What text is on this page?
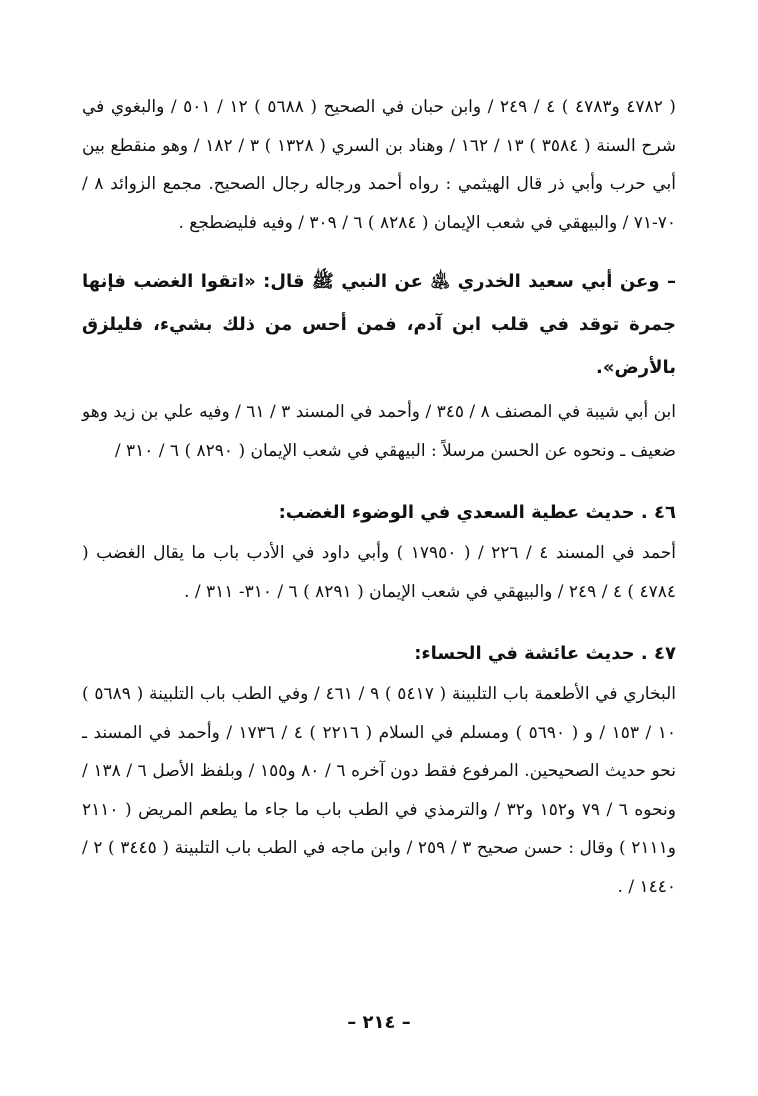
( ٤٧٨٢ و٤٧٨٣ ) ٤ / ٢٤٩ / وابن حبان في الصحيح ( ٥٦٨٨ ) ١٢ / ٥٠١ / والبغوي في شرح السنة ( ٣٥٨٤ ) ١٣ / ١٦٢ / وهناد بن السري ( ١٣٢٨ ) ٣ / ١٨٢ / وهو منقطع بين أبي حرب وأبي ذر قال الهيثمي : رواه أحمد ورجاله رجال الصحيح. مجمع الزوائد ٨ / ٧٠-٧١ / والبيهقي في شعب الإيمان ( ٨٢٨٤ ) ٦ / ٣٠٩ / وفيه فليضطجع .

– وعن أبي سعيد الخدري ﵁ عن النبي ﷺ قال: «اتقوا الغضب فإنها جمرة توقد في قلب ابن آدم، فمن أحس من ذلك بشيء، فليلزق بالأرض».

ابن أبي شيبة في المصنف ٨ / ٣٤٥ / وأحمد في المسند ٣ / ٦١ / وفيه علي بن زيد وهو ضعيف ـ ونحوه عن الحسن مرسلاً : البيهقي في شعب الإيمان ( ٨٢٩٠ ) ٦ / ٣١٠ /

٤٦ . حديث عطية السعدي في الوضوء الغضب:

أحمد في المسند ٤ / ٢٢٦ / ( ١٧٩٥٠ ) وأبي داود في الأدب باب ما يقال الغضب ( ٤٧٨٤ ) ٤ / ٢٤٩ / والبيهقي في شعب الإيمان ( ٨٢٩١ ) ٦ / ٣١٠- ٣١١ / .

٤٧ . حديث عائشة في الحساء:

البخاري في الأطعمة باب التلبينة ( ٥٤١٧ ) ٩ / ٤٦١ / وفي الطب باب التلبينة ( ٥٦٨٩ ) ١٠ / ١٥٣ / و ( ٥٦٩٠ ) ومسلم في السلام ( ٢٢١٦ ) ٤ / ١٧٣٦ / وأحمد في المسند ـ نحو حديث الصحيحين. المرفوع فقط دون آخره ٦ / ٨٠ و١٥٥ / وبلفظ الأصل ٦ / ١٣٨ / ونحوه ٦ / ٧٩ و١٥٢ و٣٢ / والترمذي في الطب باب ما جاء ما يطعم المريض ( ٢١١٠ و٢١١١ ) وقال : حسن صحيح ٣ / ٢٥٩ / وابن ماجه في الطب باب التلبينة ( ٣٤٤٥ ) ٢ / ١٤٤٠ / .

– ٢١٤ –
